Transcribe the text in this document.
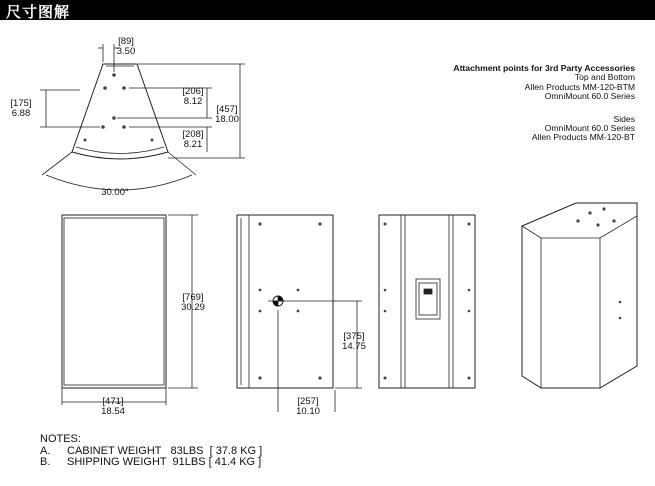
尺寸图解
[89]
3.50
[175]
6.88
[206]
8.12
[208]
8.21
[457]
18.00
30.00°
[769]
30.29
[375]
14.75
[471]
18.54
[257]
10.10
Attachment points for 3rd Party Accessories
Top and Bottom
Allen Products MM-120-BTM
OmniMount 60.0 Series
Sides
OmniMount 60.0 Series
Allen Products MM-120-BT
NOTES:
A. CABINET WEIGHT   83LBS  [ 37.8 KG ]
B. SHIPPING WEIGHT  91LBS [ 41.4 KG ]
